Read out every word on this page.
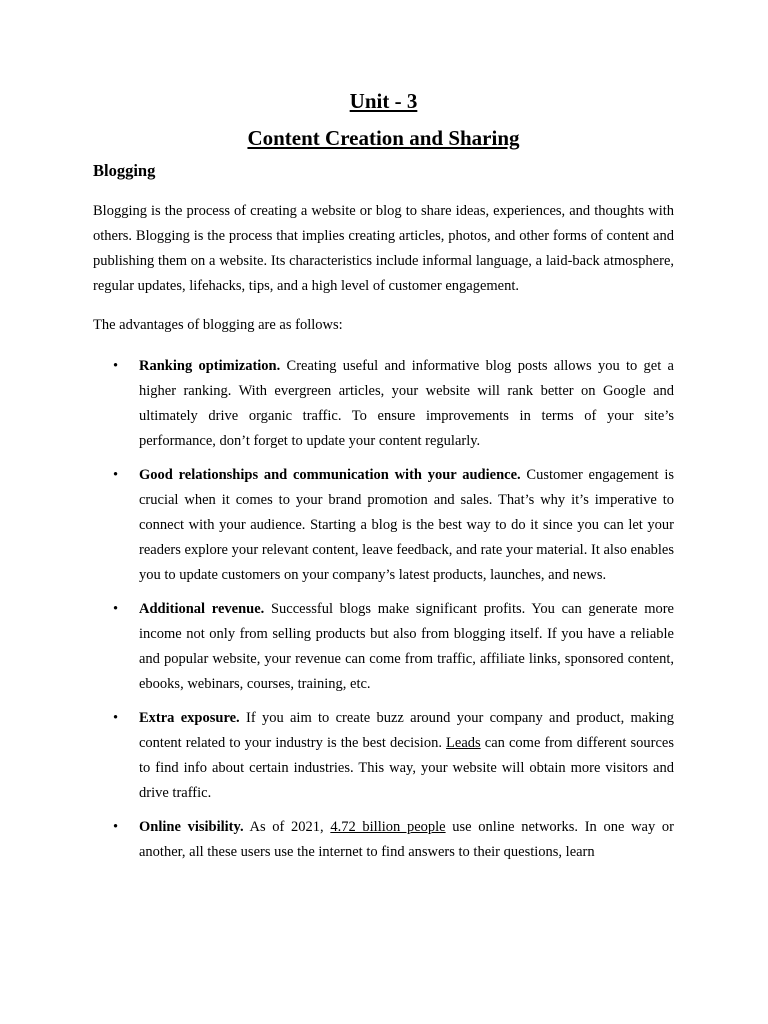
Unit - 3
Content Creation and Sharing
Blogging

Blogging is the process of creating a website or blog to share ideas, experiences, and thoughts with others. Blogging is the process that implies creating articles, photos, and other forms of content and publishing them on a website. Its characteristics include informal language, a laid-back atmosphere, regular updates, lifehacks, tips, and a high level of customer engagement.

The advantages of blogging are as follows:

• Ranking optimization. Creating useful and informative blog posts allows you to get a higher ranking. With evergreen articles, your website will rank better on Google and ultimately drive organic traffic. To ensure improvements in terms of your site’s performance, don’t forget to update your content regularly.
• Good relationships and communication with your audience. Customer engagement is crucial when it comes to your brand promotion and sales. That’s why it’s imperative to connect with your audience. Starting a blog is the best way to do it since you can let your readers explore your relevant content, leave feedback, and rate your material. It also enables you to update customers on your company’s latest products, launches, and news.
• Additional revenue. Successful blogs make significant profits. You can generate more income not only from selling products but also from blogging itself. If you have a reliable and popular website, your revenue can come from traffic, affiliate links, sponsored content, ebooks, webinars, courses, training, etc.
• Extra exposure. If you aim to create buzz around your company and product, making content related to your industry is the best decision. Leads can come from different sources to find info about certain industries. This way, your website will obtain more visitors and drive traffic.
• Online visibility. As of 2021, 4.72 billion people use online networks. In one way or another, all these users use the internet to find answers to their questions, learn
